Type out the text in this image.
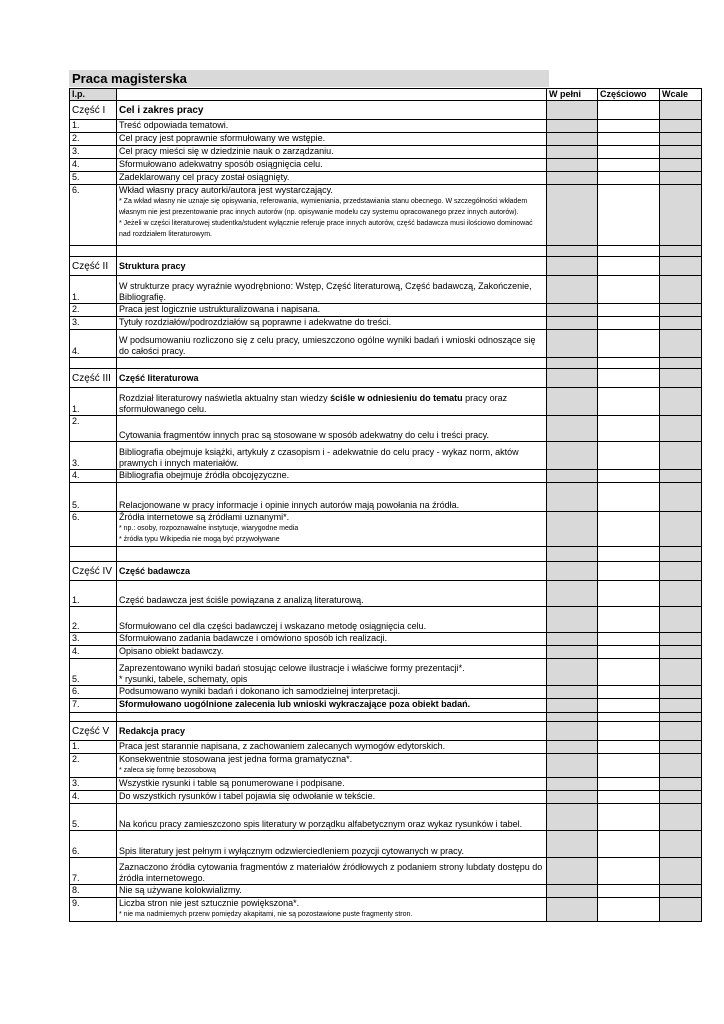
Praca magisterska
l.p.		W pełni	Częściowo	Wcale
Część I	Cel i zakres pracy			
1.	Treść odpowiada tematowi.			
2.	Cel pracy jest poprawnie sformułowany we wstępie.			
3.	Cel pracy mieści się w dziedzinie nauk o zarządzaniu.			
4.	Sformułowano adekwatny sposób osiągnięcia celu.			
5.	Zadeklarowany cel pracy został osiągnięty.			
6.	Wkład własny pracy autorki/autora jest wystarczający.
* Za wkład własny nie uznaje się opisywania, referowania, wymieniania, przedstawiania stanu obecnego. W szczegółności wkładem własnym nie jest prezentowanie prac innych autorów (np. opisywanie modelu czy systemu opracowanego przez innych autorów).
* Jeżeli w części literaturowej studentka/student wyłącznie referuje prace innych autorów, część badawcza musi ilościowo dominować nad rozdziałem literaturowym.			

Część II	Struktura pracy			
1.	W strukturze pracy wyraźnie wyodrębniono: Wstęp, Część literaturową, Część badawczą, Zakończenie, Bibliografię.			
2.	Praca jest logicznie ustrukturalizowana i napisana.			
3.	Tytuły rozdziałów/podrozdziałów są poprawne i adekwatne do treści.			
4.	W podsumowaniu rozliczono się z celu pracy, umieszczono ogólne wyniki badań i wnioski odnoszące się do całości pracy.			

Część III	Część literaturowa			
1.	Rozdział literaturowy naświetla aktualny stan wiedzy ściśle w odniesieniu do tematu pracy oraz sformułowanego celu.			
2.	Cytowania fragmentów innych prac są stosowane w sposób adekwatny do celu i treści pracy.			
3.	Bibliografia obejmuje książki, artykuły z czasopism i - adekwatnie do celu pracy - wykaz norm, aktów prawnych i innych materiałów.			
4.	Bibliografia obejmuje źródła obcojęzyczne.			
5.	Relacjonowane w pracy informacje i opinie innych autorów mają powołania na źródła.			
6.	Źródła internetowe są źródłami uznanymi*.
* np.: osoby, rozpoznawalne instytucje, wiarygodne media
* źródła typu Wikipedia nie mogą być przywoływane			

Część IV	Część badawcza			
1.	Część badawcza jest ściśle powiązana z analizą literaturową.			
2.	Sformułowano cel dla części badawczej i wskazano metodę osiągnięcia celu.			
3.	Sformułowano zadania badawcze i omówiono sposób ich realizacji.			
4.	Opisano obiekt badawczy.			
5.	Zaprezentowano wyniki badań stosując celowe ilustracje i właściwe formy prezentacji*.
* rysunki, tabele, schematy, opis			
6.	Podsumowano wyniki badań i dokonano ich samodzielnej interpretacji.			
7.	Sformułowano uogólnione zalecenia lub wnioski wykraczające poza obiekt badań.			

Część V	Redakcja pracy			
1.	Praca jest starannie napisana, z zachowaniem zalecanych wymogów edytorskich.			
2.	Konsekwentnie stosowana jest jedna forma gramatyczna*.
* zaleca się formę bezosobową			

3.	Wszystkie rysunki i table są ponumerowane i podpisane.			
4.	Do wszystkich rysunków i tabel pojawia się odwołanie w tekście.			
5.	Na końcu pracy zamieszczono spis literatury w porządku alfabetycznym oraz wykaz rysunków i tabel.			
6.	Spis literatury jest pełnym i wyłącznym odzwierciedleniem pozycji cytowanych w pracy.			
7.	Zaznaczono źródła cytowania fragmentów z materiałów źródłowych z podaniem strony lubdaty dostępu do źródła internetowego.			
8.	Nie są używane kolokwializmy.			
9.	Liczba stron nie jest sztucznie powiększona*.
* nie ma nadmiernych przerw pomiędzy akapitami, nie są pozostawione puste fragmenty stron.			
